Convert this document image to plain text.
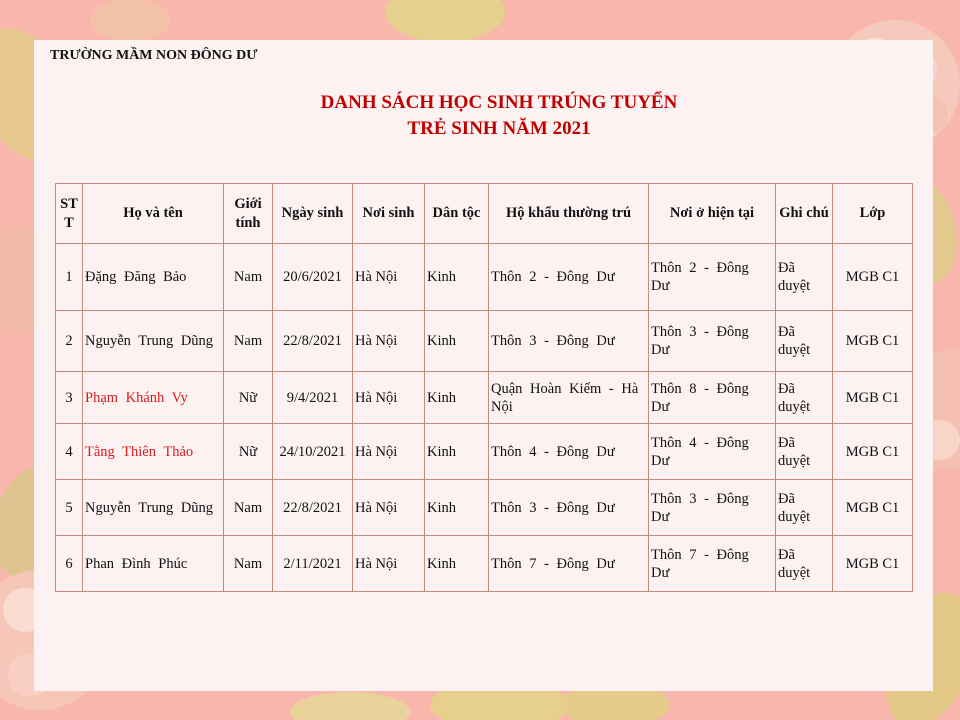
TRƯỜNG MẦM NON ĐÔNG DƯ
DANH SÁCH HỌC SINH TRÚNG TUYỂN
TRẺ SINH NĂM 2021
STT	Họ và tên	Giới tính	Ngày sinh	Nơi sinh	Dân tộc	Hộ khẩu thường trú	Nơi ở hiện tại	Ghi chú	Lớp
1	Đặng Đăng Bảo	Nam	20/6/2021	Hà Nội	Kinh	Thôn 2 - Đông Dư	Thôn 2 - Đông Dư	Đã duyệt	MGB C1
2	Nguyễn Trung Dũng	Nam	22/8/2021	Hà Nội	Kinh	Thôn 3 - Đông Dư	Thôn 3 - Đông Dư	Đã duyệt	MGB C1
3	Phạm Khánh Vy	Nữ	9/4/2021	Hà Nội	Kinh	Quận Hoàn Kiếm - Hà Nội	Thôn 8 - Đông Dư	Đã duyệt	MGB C1
4	Tằng Thiên Thảo	Nữ	24/10/2021	Hà Nội	Kinh	Thôn 4 - Đông Dư	Thôn 4 - Đông Dư	Đã duyệt	MGB C1
5	Nguyễn Trung Dũng	Nam	22/8/2021	Hà Nội	Kinh	Thôn 3 - Đông Dư	Thôn 3 - Đông Dư	Đã duyệt	MGB C1
6	Phan Đình Phúc	Nam	2/11/2021	Hà Nội	Kinh	Thôn 7 - Đông Dư	Thôn 7 - Đông Dư	Đã duyệt	MGB C1
